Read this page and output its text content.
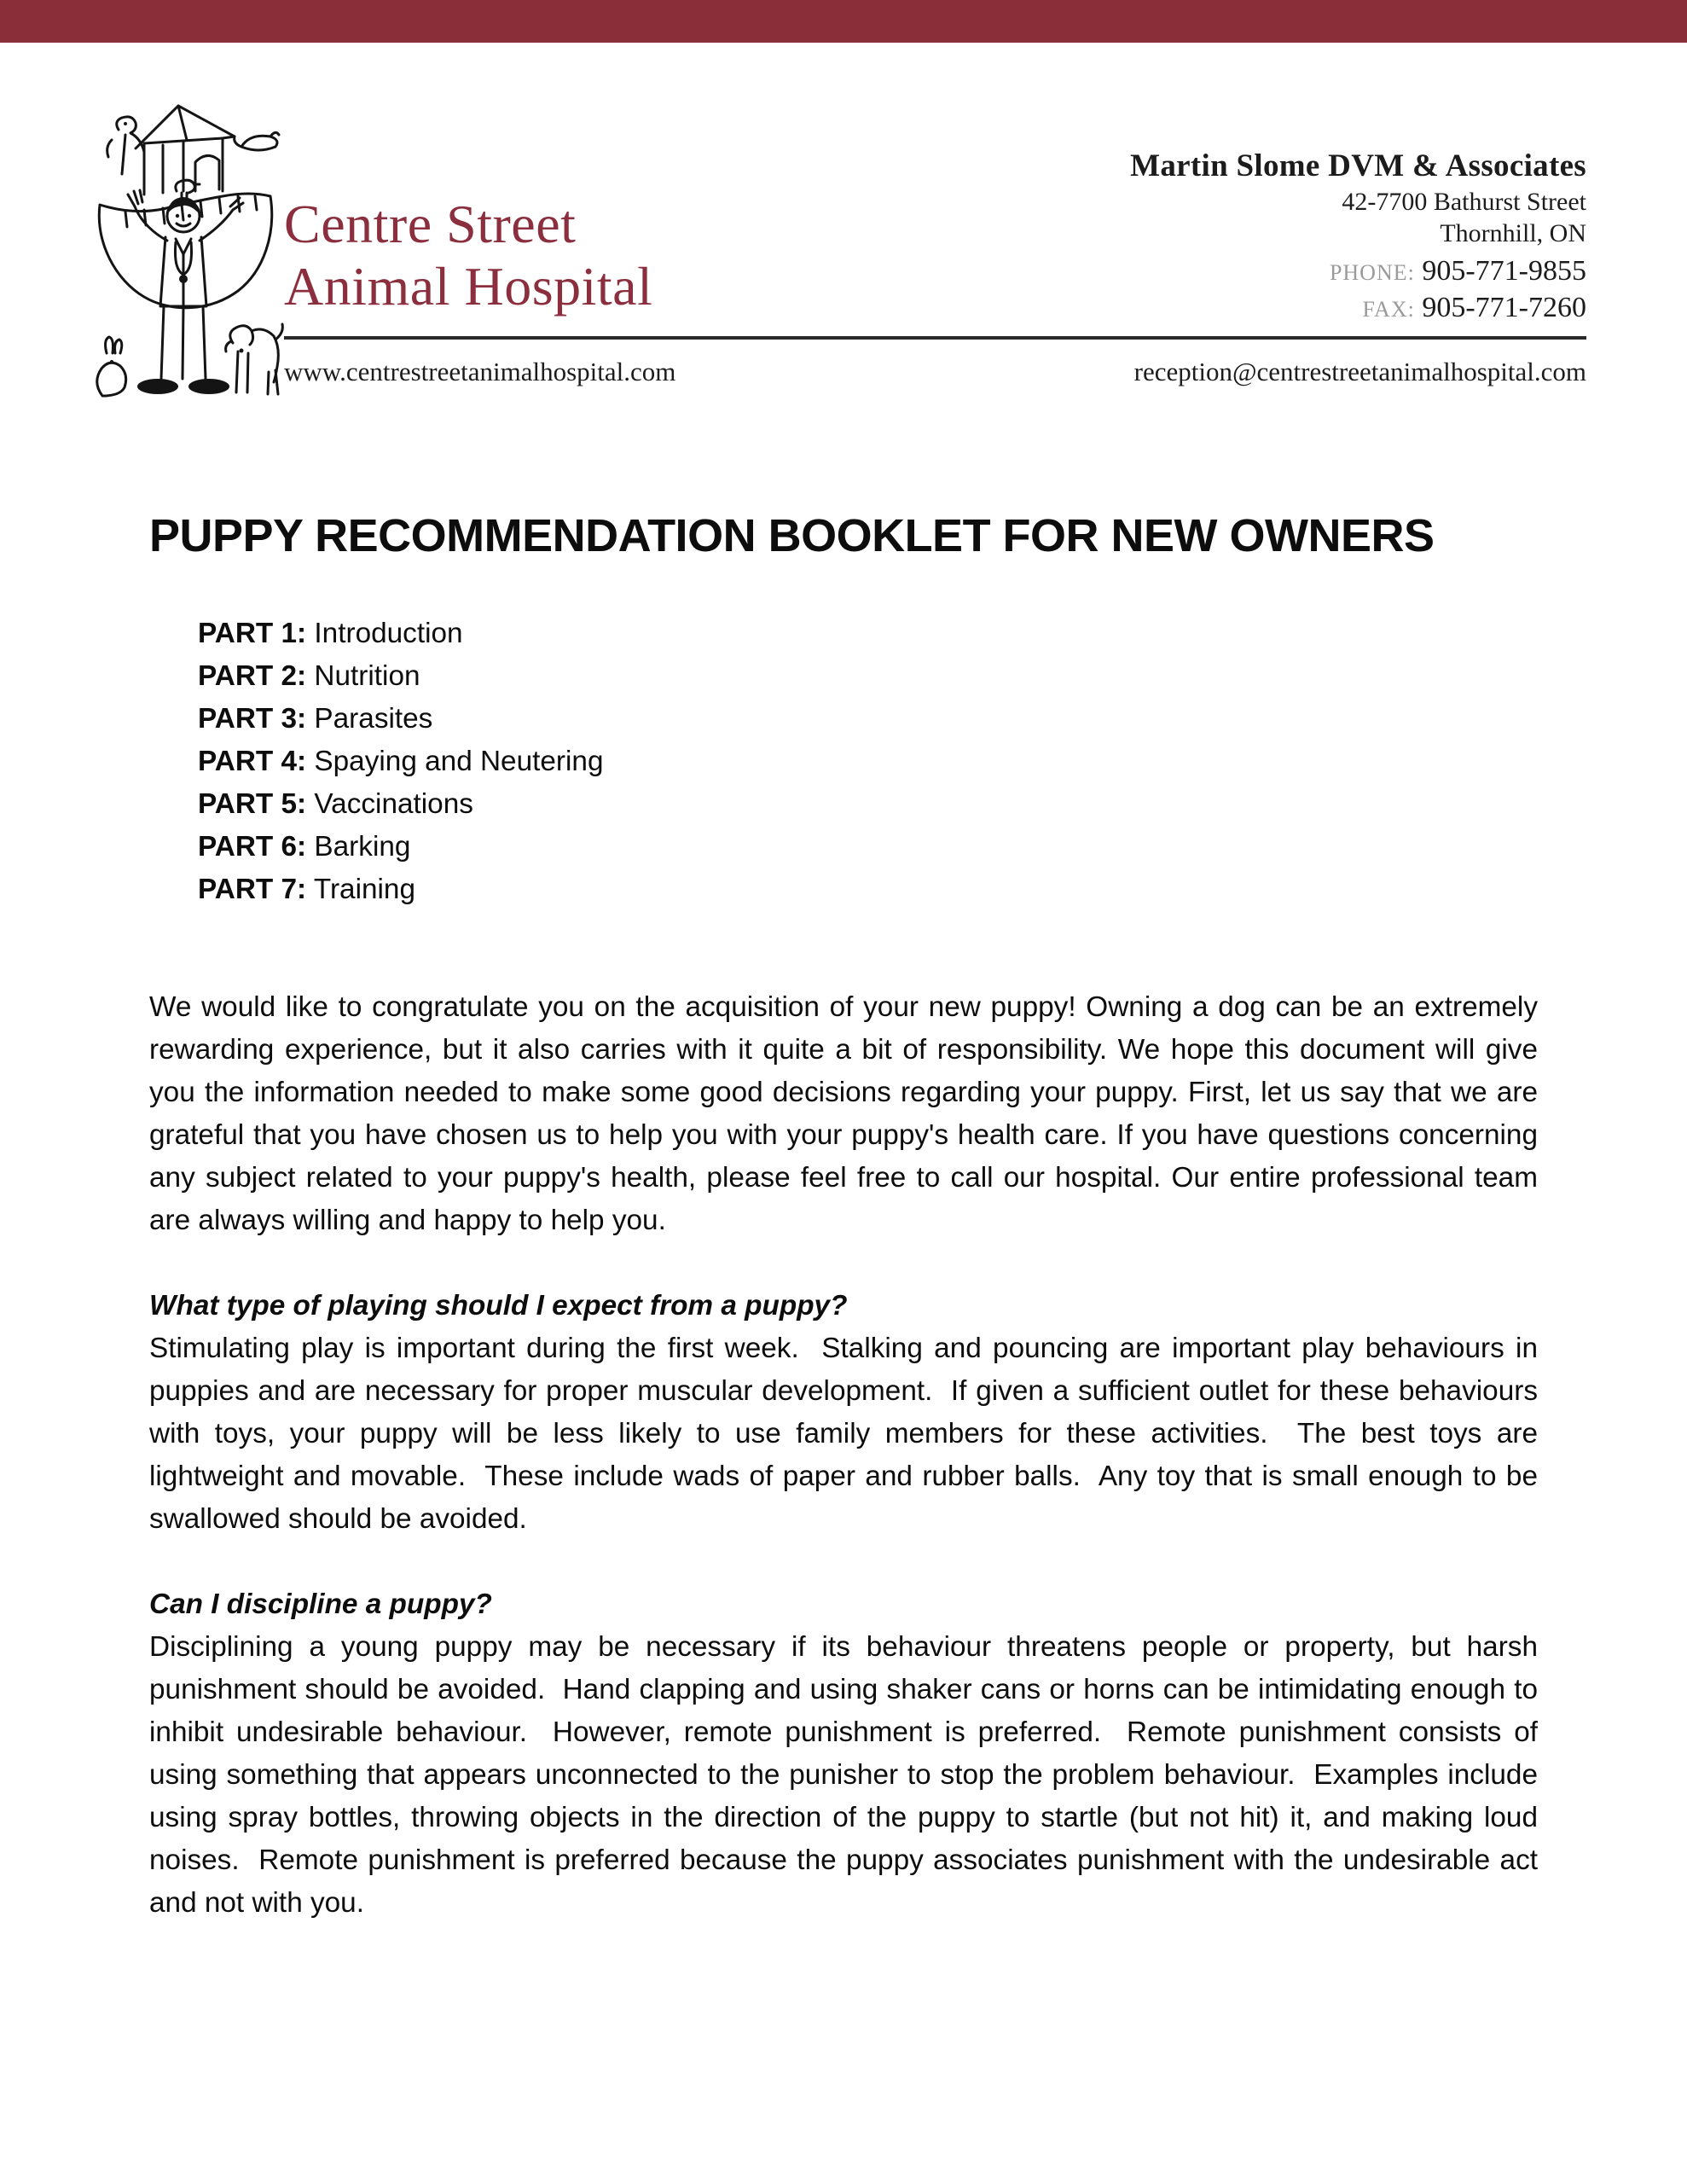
Centre Street
Animal Hospital
Martin Slome DVM & Associates
42-7700 Bathurst Street
Thornhill, ON
PHONE: 905-771-9855
FAX: 905-771-7260
www.centrestreetanimalhospital.com	reception@centrestreetanimalhospital.com
PUPPY RECOMMENDATION BOOKLET FOR NEW OWNERS
PART 1: Introduction
PART 2: Nutrition
PART 3: Parasites
PART 4: Spaying and Neutering
PART 5: Vaccinations
PART 6: Barking
PART 7: Training

We would like to congratulate you on the acquisition of your new puppy! Owning a dog can be an extremely rewarding experience, but it also carries with it quite a bit of responsibility. We hope this document will give you the information needed to make some good decisions regarding your puppy. First, let us say that we are grateful that you have chosen us to help you with your puppy's health care. If you have questions concerning any subject related to your puppy's health, please feel free to call our hospital. Our entire professional team are always willing and happy to help you.

What type of playing should I expect from a puppy?

Stimulating play is important during the first week.  Stalking and pouncing are important play behaviours in puppies and are necessary for proper muscular development.  If given a sufficient outlet for these behaviours with toys, your puppy will be less likely to use family members for these activities.  The best toys are lightweight and movable.  These include wads of paper and rubber balls.  Any toy that is small enough to be swallowed should be avoided.

Can I discipline a puppy?

Disciplining a young puppy may be necessary if its behaviour threatens people or property, but harsh punishment should be avoided.  Hand clapping and using shaker cans or horns can be intimidating enough to inhibit undesirable behaviour.  However, remote punishment is preferred.  Remote punishment consists of using something that appears unconnected to the punisher to stop the problem behaviour.  Examples include using spray bottles, throwing objects in the direction of the puppy to startle (but not hit) it, and making loud noises.  Remote punishment is preferred because the puppy associates punishment with the undesirable act and not with you.
